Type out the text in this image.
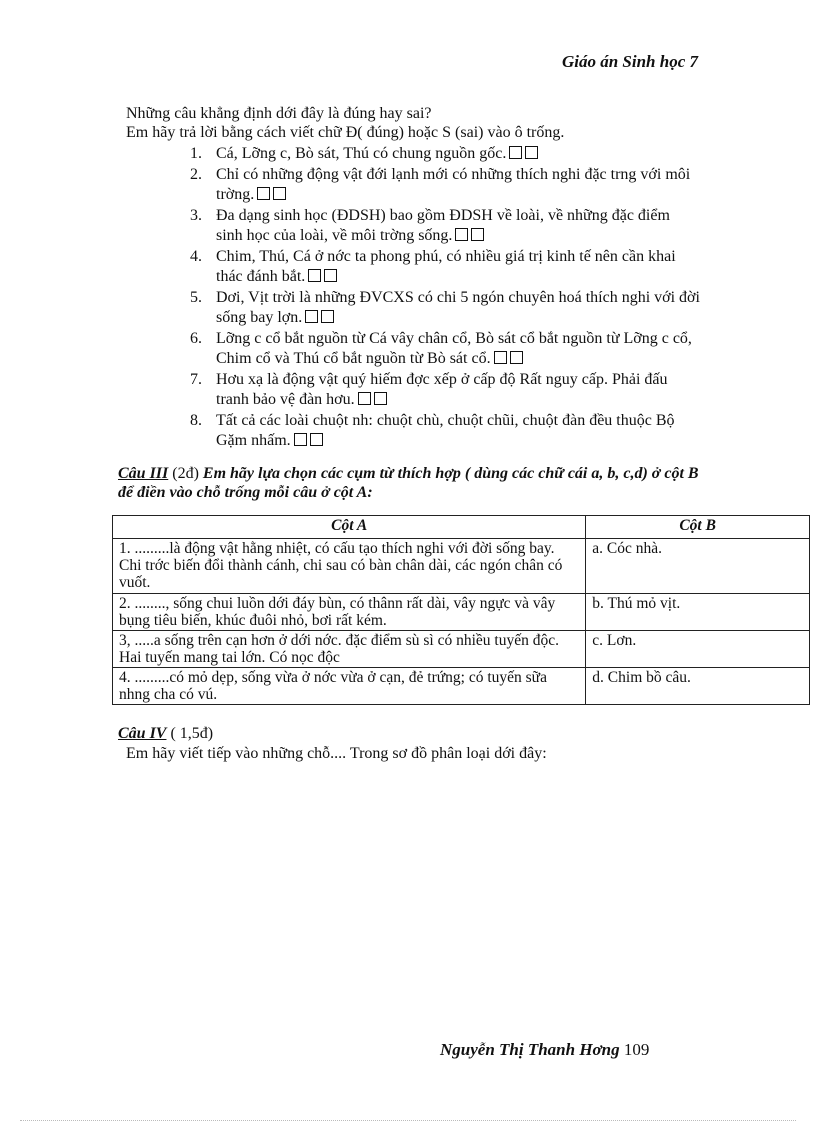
Giáo án Sinh học 7

Những câu khẳng định dới đây là đúng hay sai?

Em hãy trả lời bằng cách viết chữ Đ( đúng) hoặc S (sai) vào ô trống.

1. Cá, Lỡng c, Bò sát, Thú có chung nguồn gốc.
2. Chỉ có những động vật đới lạnh mới có những thích nghi đặc trng với môi trờng.
3. Đa dạng sinh học (ĐDSH) bao gồm ĐDSH về loài, về những đặc điểm sinh học của loài, về môi trờng sống.
4. Chim, Thú, Cá ở nớc ta phong phú, có nhiều giá trị kinh tế nên cần khai thác đánh bắt.
5. Dơi, Vịt trời là những ĐVCXS có chi 5 ngón chuyên hoá thích nghi với đời sống bay lợn.
6. Lỡng c cổ bắt nguồn từ Cá vây chân cổ, Bò sát cổ bắt nguồn từ Lỡng c cổ, Chim cổ và Thú cổ bắt nguồn từ Bò sát cổ.
7. Hơu xạ là động vật quý hiếm đợc xếp ở cấp độ Rất nguy cấp. Phải đấu tranh bảo vệ đàn hơu.
8. Tất cả các loài chuột nh: chuột chù, chuột chũi, chuột đàn đều thuộc Bộ Gặm nhấm.
Câu III (2đ) Em hãy lựa chọn các cụm từ thích hợp ( dùng các chữ cái a, b, c,d) ở cột B để điền vào chỗ trống mỗi câu ở cột A:
Cột A	Cột B

1. .........là động vật hằng nhiệt, có cấu tạo thích nghi với đời sống bay. Chi trớc biến đổi thành cánh, chi sau có bàn chân dài, các ngón chân có vuốt.	a. Cóc nhà.

2. ........, sống chui luồn dới đáy bùn, có thânn rất dài, vây ngực và vây bụng tiêu biến, khúc đuôi nhỏ, bơi rất kém.	b. Thú mỏ vịt.

3, .....a sống trên cạn hơn ở dới nớc. đặc điểm sù sì có nhiều tuyến độc. Hai tuyến mang tai lớn. Có nọc độc	c. Lơn.

4. .........có mỏ dẹp, sống vừa ở nớc vừa ở cạn, đẻ trứng; có tuyến sữa nhng cha có vú.	d. Chim bồ câu.

Câu IV ( 1,5đ)

Em hãy viết tiếp vào những chỗ.... Trong sơ đồ phân loại dới đây:

Nguyễn Thị Thanh Hơng 109
